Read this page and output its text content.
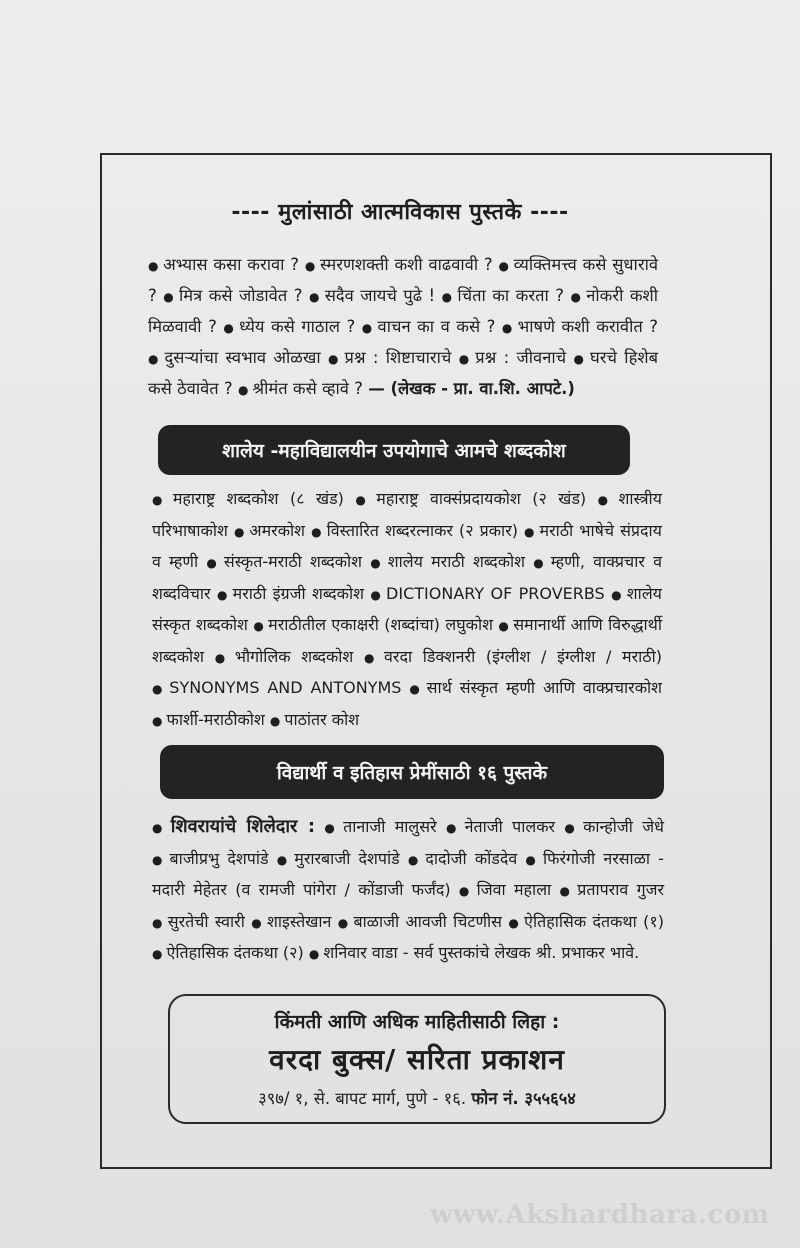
---- मुलांसाठी आत्मविकास पुस्तके ----
● अभ्यास कसा करावा ? ● स्मरणशक्ती कशी वाढवावी ? ● व्यक्तिमत्त्व कसे सुधारावे ? ● मित्र कसे जोडावेत ? ● सदैव जायचे पुढे ! ● चिंता का करता ? ● नोकरी कशी मिळवावी ? ● ध्येय कसे गाठाल ? ● वाचन का व कसे ? ● भाषणे कशी करावीत ? ● दुसऱ्यांचा स्वभाव ओळखा ● प्रश्न : शिष्टाचाराचे ● प्रश्न : जीवनाचे ● घरचे हिशेब कसे ठेवावेत ? ● श्रीमंत कसे व्हावे ? — (लेखक - प्रा. वा.शि. आपटे.)
शालेय -महाविद्यालयीन उपयोगाचे आमचे शब्दकोश
● महाराष्ट्र शब्दकोश (८ खंड) ● महाराष्ट्र वाक्संप्रदायकोश (२ खंड) ● शास्त्रीय परिभाषाकोश ● अमरकोश ● विस्तारित शब्दरत्नाकर (२ प्रकार) ● मराठी भाषेचे संप्रदाय व म्हणी ● संस्कृत-मराठी शब्दकोश ● शालेय मराठी शब्दकोश ● म्हणी, वाक्प्रचार व शब्दविचार ● मराठी इंग्रजी शब्दकोश ● DICTIONARY OF PROVERBS ● शालेय संस्कृत शब्दकोश ● मराठीतील एकाक्षरी (शब्दांचा) लघुकोश ● समानार्थी आणि विरुद्धार्थी शब्दकोश ● भौगोलिक शब्दकोश ● वरदा डिक्शनरी (इंग्लीश / इंग्लीश / मराठी) ● SYNONYMS AND ANTONYMS ● सार्थ संस्कृत म्हणी आणि वाक्प्रचारकोश ● फार्शी-मराठीकोश ● पाठांतर कोश
विद्यार्थी व इतिहास प्रेमींसाठी १६ पुस्तके
● शिवरायांचे शिलेदार : ● तानाजी मालुसरे ● नेताजी पालकर ● कान्होजी जेधे ● बाजीप्रभु देशपांडे ● मुरारबाजी देशपांडे ● दादोजी कोंडदेव ● फिरंगोजी नरसाळा - मदारी मेहेतर (व रामजी पांगेरा / कोंडाजी फर्जंद) ● जिवा महाला ● प्रतापराव गुजर ● सुरतेची स्वारी ● शाइस्तेखान ● बाळाजी आवजी चिटणीस ● ऐतिहासिक दंतकथा (१) ● ऐतिहासिक दंतकथा (२) ● शनिवार वाडा - सर्व पुस्तकांचे लेखक श्री. प्रभाकर भावे.
किंमती आणि अधिक माहितीसाठी लिहा :
वरदा बुक्स/ सरिता प्रकाशन
३९७/ १, से. बापट मार्ग, पुणे - १६. फोन नं. ३५५६५४
www.Akshardhara.com
